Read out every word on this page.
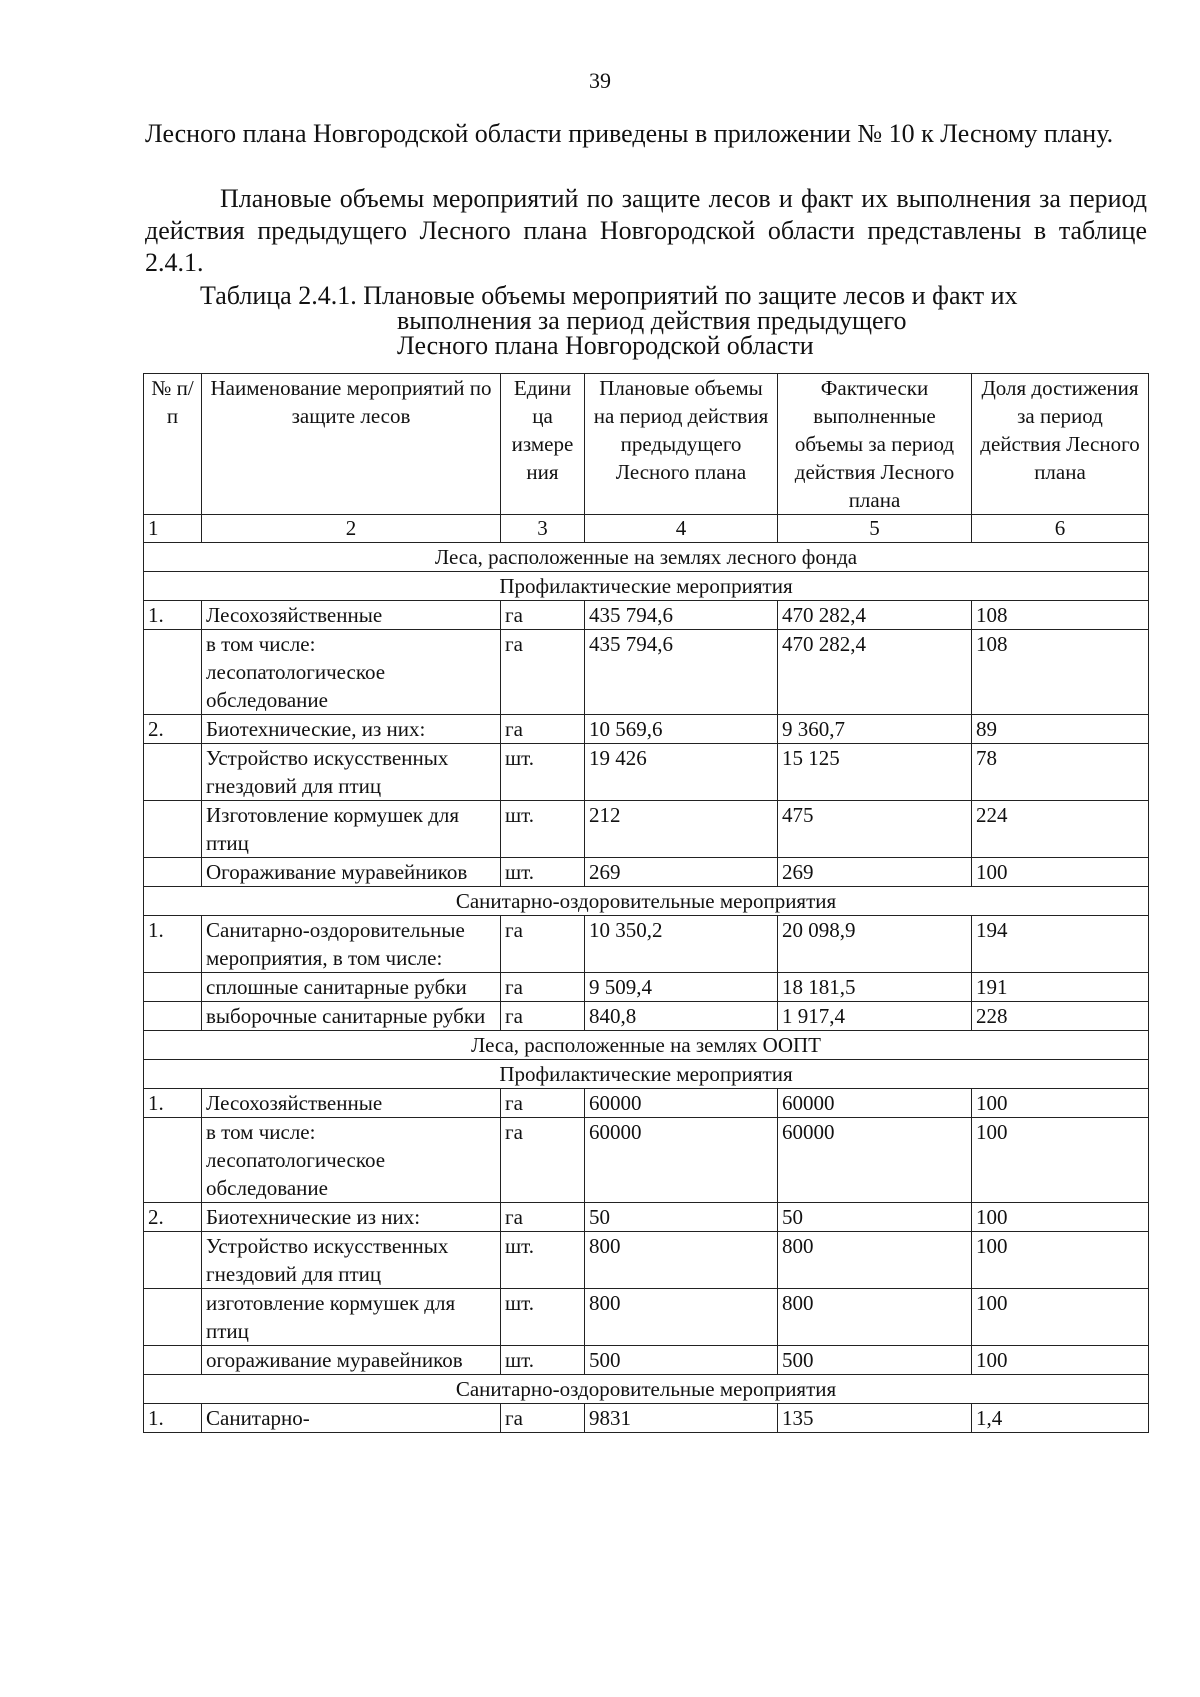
39

Лесного плана Новгородской области приведены в приложении № 10 к Лесному плану.

Плановые объемы мероприятий по защите лесов и факт их выполнения за период действия предыдущего Лесного плана Новгородской области представлены в таблице 2.4.1.

Таблица 2.4.1. Плановые объемы мероприятий по защите лесов и факт их
выполнения за период действия предыдущего
Лесного плана Новгородской области
№ п/п	Наименование мероприятий по защите лесов	Едини ца измере ния	Плановые объемы на период действия предыдущего Лесного плана	Фактически выполненные объемы за период действия Лесного плана	Доля достижения за период действия Лесного плана
1	2	3	4	5	6
Леса, расположенные на землях лесного фонда					
Профилактические мероприятия					
1.	Лесохозяйственные	га	435 794,6	470 282,4	108
	в том числе: лесопатологическое обследование	га	435 794,6	470 282,4	108
2.	Биотехнические, из них:	га	10 569,6	9 360,7	89
	Устройство искусственных гнездовий для птиц	шт.	19 426	15 125	78
	Изготовление кормушек для птиц	шт.	212	475	224
	Огораживание муравейников	шт.	269	269	100
Санитарно-оздоровительные мероприятия					
1.	Санитарно-оздоровительные мероприятия, в том числе:	га	10 350,2	20 098,9	194
	сплошные санитарные рубки	га	9 509,4	18 181,5	191
	выборочные санитарные рубки	га	840,8	1 917,4	228
Леса, расположенные на землях ООПТ					
Профилактические мероприятия					
1.	Лесохозяйственные	га	60000	60000	100
	в том числе: лесопатологическое обследование	га	60000	60000	100
2.	Биотехнические из них:	га	50	50	100
	Устройство искусственных гнездовий для птиц	шт.	800	800	100
	изготовление кормушек для птиц	шт.	800	800	100
	огораживание муравейников	шт.	500	500	100
Санитарно-оздоровительные мероприятия					
1.	Санитарно-	га	9831	135	1,4
